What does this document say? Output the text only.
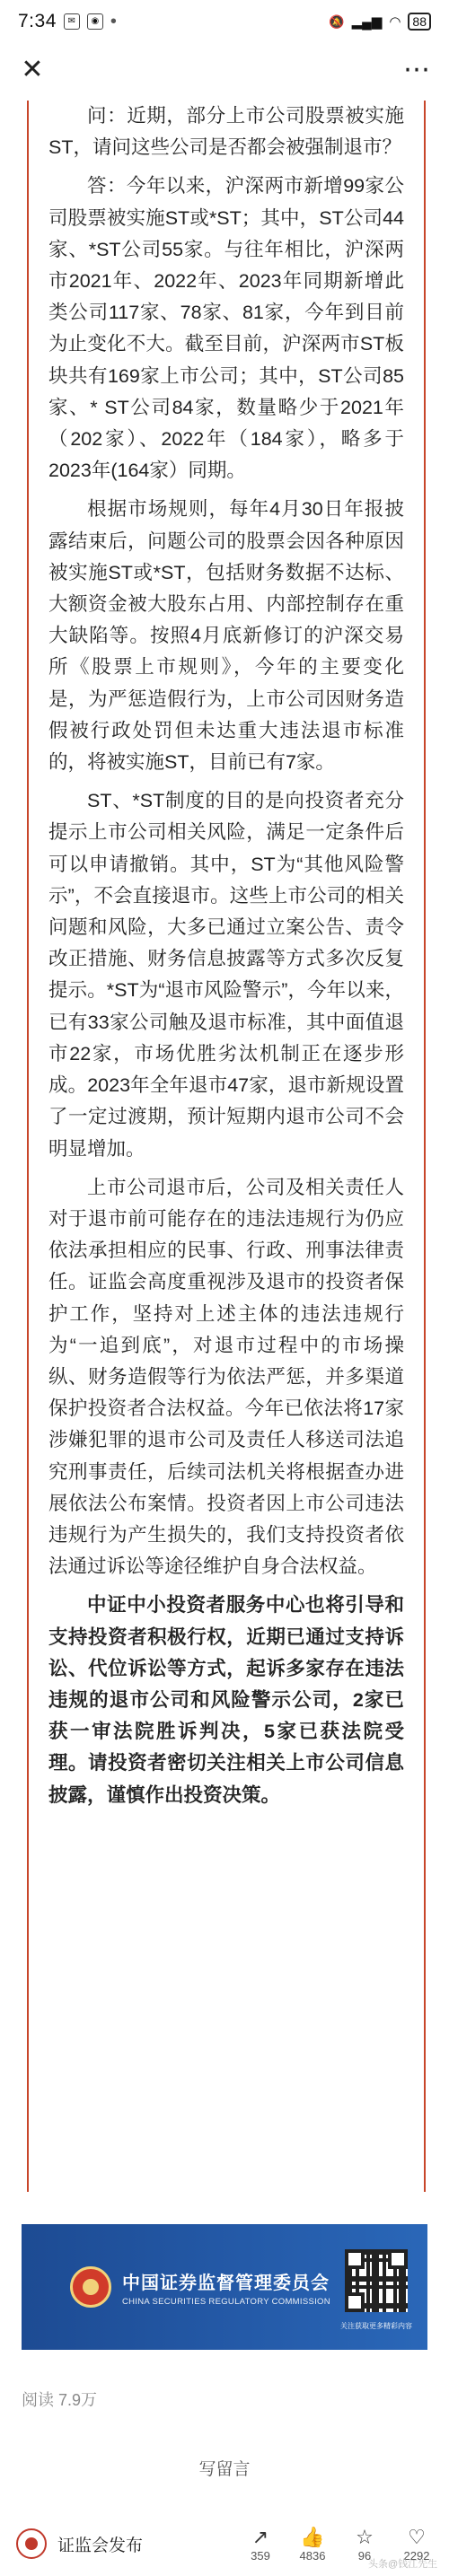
7:34	✉	◉ •	🔕 ▂▄▆ ◠ 88
✕	⋯

问：近期，部分上市公司股票被实施ST，请问这些公司是否都会被强制退市？

答：今年以来，沪深两市新增99家公司股票被实施ST或*ST；其中，ST公司44家、*ST公司55家。与往年相比，沪深两市2021年、2022年、2023年同期新增此类公司117家、78家、81家，今年到目前为止变化不大。截至目前，沪深两市ST板块共有169家上市公司；其中，ST公司85家、* ST公司84家，数量略少于2021年（202家）、2022年（184家），略多于2023年(164家）同期。

根据市场规则，每年4月30日年报披露结束后，问题公司的股票会因各种原因被实施ST或*ST，包括财务数据不达标、大额资金被大股东占用、内部控制存在重大缺陷等。按照4月底新修订的沪深交易所《股票上市规则》，今年的主要变化是，为严惩造假行为，上市公司因财务造假被行政处罚但未达重大违法退市标准的，将被实施ST，目前已有7家。

ST、*ST制度的目的是向投资者充分提示上市公司相关风险，满足一定条件后可以申请撤销。其中，ST为“其他风险警示”，不会直接退市。这些上市公司的相关问题和风险，大多已通过立案公告、责令改正措施、财务信息披露等方式多次反复提示。*ST为“退市风险警示”，今年以来，已有33家公司触及退市标准，其中面值退市22家，市场优胜劣汰机制正在逐步形成。2023年全年退市47家，退市新规设置了一定过渡期，预计短期内退市公司不会明显增加。

上市公司退市后，公司及相关责任人对于退市前可能存在的违法违规行为仍应依法承担相应的民事、行政、刑事法律责任。证监会高度重视涉及退市的投资者保护工作，坚持对上述主体的违法违规行为“一追到底”，对退市过程中的市场操纵、财务造假等行为依法严惩，并多渠道保护投资者合法权益。今年已依法将17家涉嫌犯罪的退市公司及责任人移送司法追究刑事责任，后续司法机关将根据查办进展依法公布案情。投资者因上市公司违法违规行为产生损失的，我们支持投资者依法通过诉讼等途径维护自身合法权益。

中证中小投资者服务中心也将引导和支持投资者积极行权，近期已通过支持诉讼、代位诉讼等方式，起诉多家存在违法违规的退市公司和风险警示公司，2家已获一审法院胜诉判决，5家已获法院受理。请投资者密切关注相关上市公司信息披露，谨慎作出投资决策。

中国证券监督管理委员会
CHINA SECURITIES REGULATORY COMMISSION
关注获取更多精彩内容
阅读 7.9万
写留言
证监会发布	↗
359
👍
4836
☆
96
♡
2292
头条@钱江先生
